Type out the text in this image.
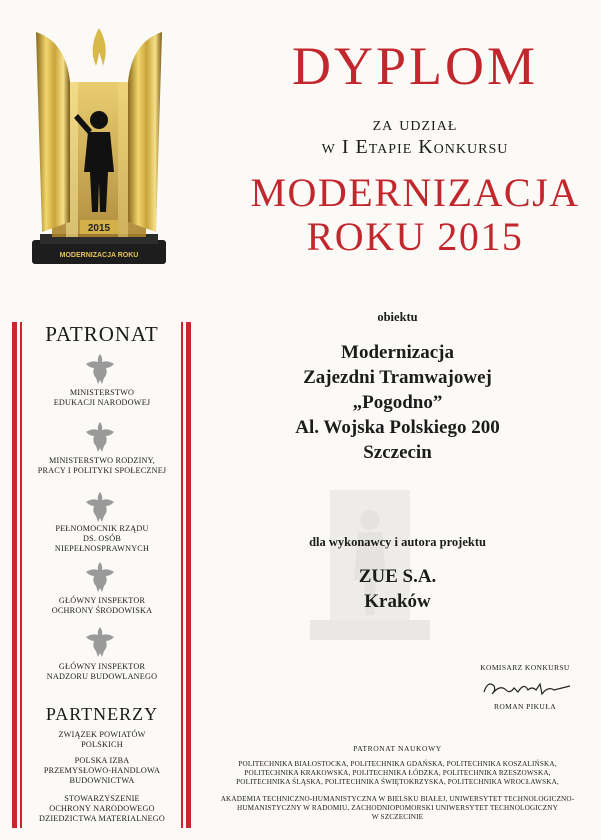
2015
MODERNIZACJA ROKU
DYPLOM
za udział
w I Etapie Konkursu
MODERNIZACJA
ROKU 2015
PATRONAT
MINISTERSTWO
EDUKACJI NARODOWEJ
MINISTERSTWO RODZINY,
PRACY I POLITYKI SPOŁECZNEJ
PEŁNOMOCNIK RZĄDU
DS. OSÓB
NIEPEŁNOSPRAWNYCH
GŁÓWNY INSPEKTOR
OCHRONY ŚRODOWISKA
GŁÓWNY INSPEKTOR
NADZORU BUDOWLANEGO
PARTNERZY
ZWIĄZEK POWIATÓW
POLSKICH
POLSKA IZBA
PRZEMYSŁOWO-HANDLOWA
BUDOWNICTWA
STOWARZYSZENIE
OCHRONY NARODOWEGO
DZIEDZICTWA MATERIALNEGO
obiektu
Modernizacja
Zajezdni Tramwajowej
„Pogodno”
Al. Wojska Polskiego 200
Szczecin
dla wykonawcy i autora projektu
ZUE S.A.
Kraków
KOMISARZ KONKURSU
ROMAN PIKUŁA
PATRONAT NAUKOWY
POLITECHNIKA BIAŁOSTOCKA, POLITECHNIKA GDAŃSKA, POLITECHNIKA KOSZALIŃSKA,
POLITECHNIKA KRAKOWSKA, POLITECHNIKA ŁÓDZKA, POLITECHNIKA RZESZOWSKA,
POLITECHNIKA ŚLĄSKA, POLITECHNIKA ŚWIĘTOKRZYSKA, POLITECHNIKA WROCŁAWSKA,
AKADEMIA TECHNICZNO-HUMANISTYCZNA W BIELSKU BIAŁEJ, UNIWERSYTET TECHNOLOGICZNO-
HUMANISTYCZNY W RADOMIU, ZACHODNIOPOMORSKI UNIWERSYTET TECHNOLOGICZNY
W SZCZECINIE
